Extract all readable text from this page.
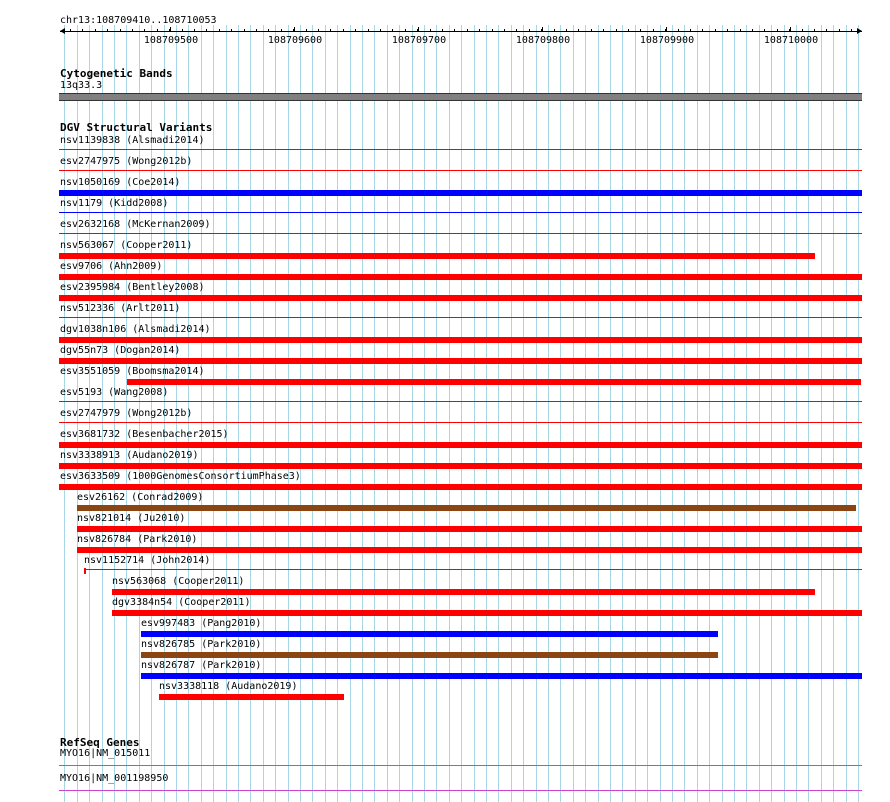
chr13:108709410..108710053
108709500	108709600	108709700	108709800	108709900	108710000
Cytogenetic Bands
13q33.3
DGV Structural Variants
nsv1139838 (Alsmadi2014)
esv2747975 (Wong2012b)
nsv1050169 (Coe2014)
nsv1179 (Kidd2008)
esv2632168 (McKernan2009)
nsv563067 (Cooper2011)
esv9706 (Ahn2009)
esv2395984 (Bentley2008)
nsv512336 (Arlt2011)
dgv1038n106 (Alsmadi2014)
dgv55n73 (Dogan2014)
esv3551059 (Boomsma2014)
esv5193 (Wang2008)
esv2747979 (Wong2012b)
esv3681732 (Besenbacher2015)
nsv3338913 (Audano2019)
esv3633509 (1000GenomesConsortiumPhase3)
esv26162 (Conrad2009)
nsv821014 (Ju2010)
nsv826784 (Park2010)
nsv1152714 (John2014)
nsv563068 (Cooper2011)
dgv3384n54 (Cooper2011)
esv997483 (Pang2010)
nsv826785 (Park2010)
nsv826787 (Park2010)
nsv3338118 (Audano2019)
RefSeq Genes
MYO16|NM_015011
MYO16|NM_001198950
